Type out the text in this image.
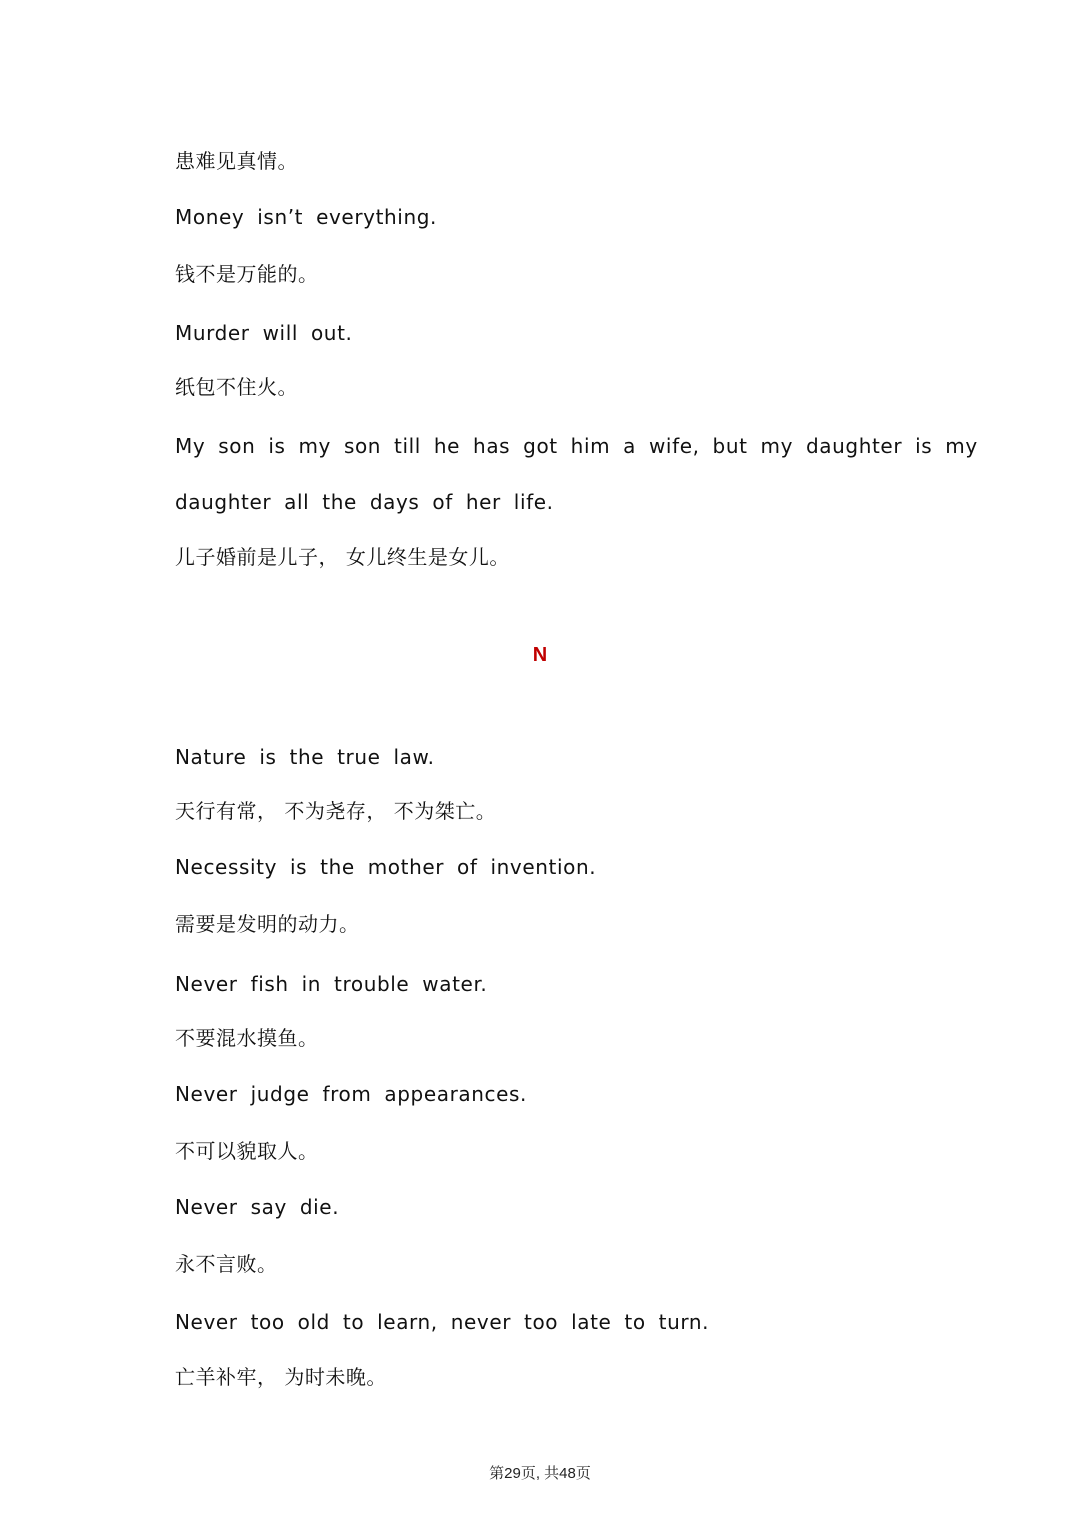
患难见真情。
Money isn’t everything.
钱不是万能的。
Murder will out.
纸包不住火。
My son is my son till he has got him a wife, but my daughter is my
daughter all the days of her life.
儿子婚前是儿子， 女儿终生是女儿。
N
Nature is the true law.
天行有常， 不为尧存， 不为桀亡。
Necessity is the mother of invention.
需要是发明的动力。
Never fish in trouble water.
不要混水摸鱼。
Never judge from appearances.
不可以貌取人。
Never say die.
永不言败。
Never too old to learn, never too late to turn.
亡羊补牢， 为时未晚。
第29页, 共48页
